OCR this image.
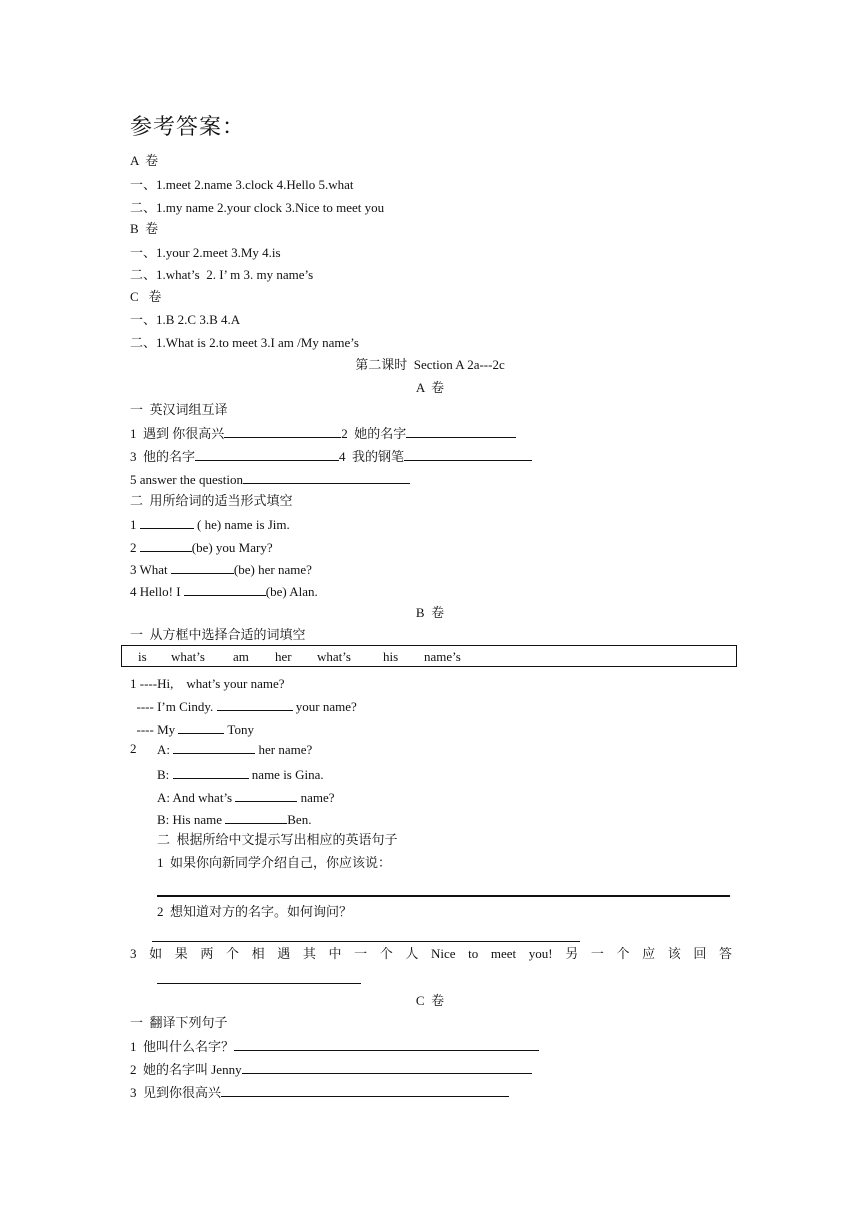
参考答案：
A  卷
一、1.meet 2.name 3.clock 4.Hello 5.what
二、1.my name 2.your clock 3.Nice to meet you
B  卷
一、1.your 2.meet 3.My 4.is
二、1.what’s  2. I’ m 3. my name’s
C   卷
一、1.B 2.C 3.B 4.A
二、1.What is 2.to meet 3.I am /My name’s
第二课时  Section A 2a---2c
A  卷
一  英汉词组互译
1  遇到 你很高兴	2  她的名字
3  他的名字	4  我的钢笔
5 answer the question
二  用所给词的适当形式填空
1	( he) name is Jim.
2	(be) you Mary?
3 What	(be) her name?
4 Hello! I	(be) Alan.
B  卷
一  从方框中选择合适的词填空
is what’s am her what’s his name’s
1 ----Hi,    what’s your name?
---- I’m Cindy.	your name?
---- My	Tony
2 A:	her name?
B:	name is Gina.
A: And what’s	name?
B: His name	Ben.
二  根据所给中文提示写出相应的英语句子
1  如果你向新同学介绍自己，你应该说：
2  想知道对方的名字。如何询问？
3 如 果 两 个 相 遇 其 中 一 个 人 Nice to meet you! 另 一 个 应 该 回 答
C  卷
一  翻译下列句子
1  他叫什么名字？
2  她的名字叫 Jenny
3  见到你很高兴
